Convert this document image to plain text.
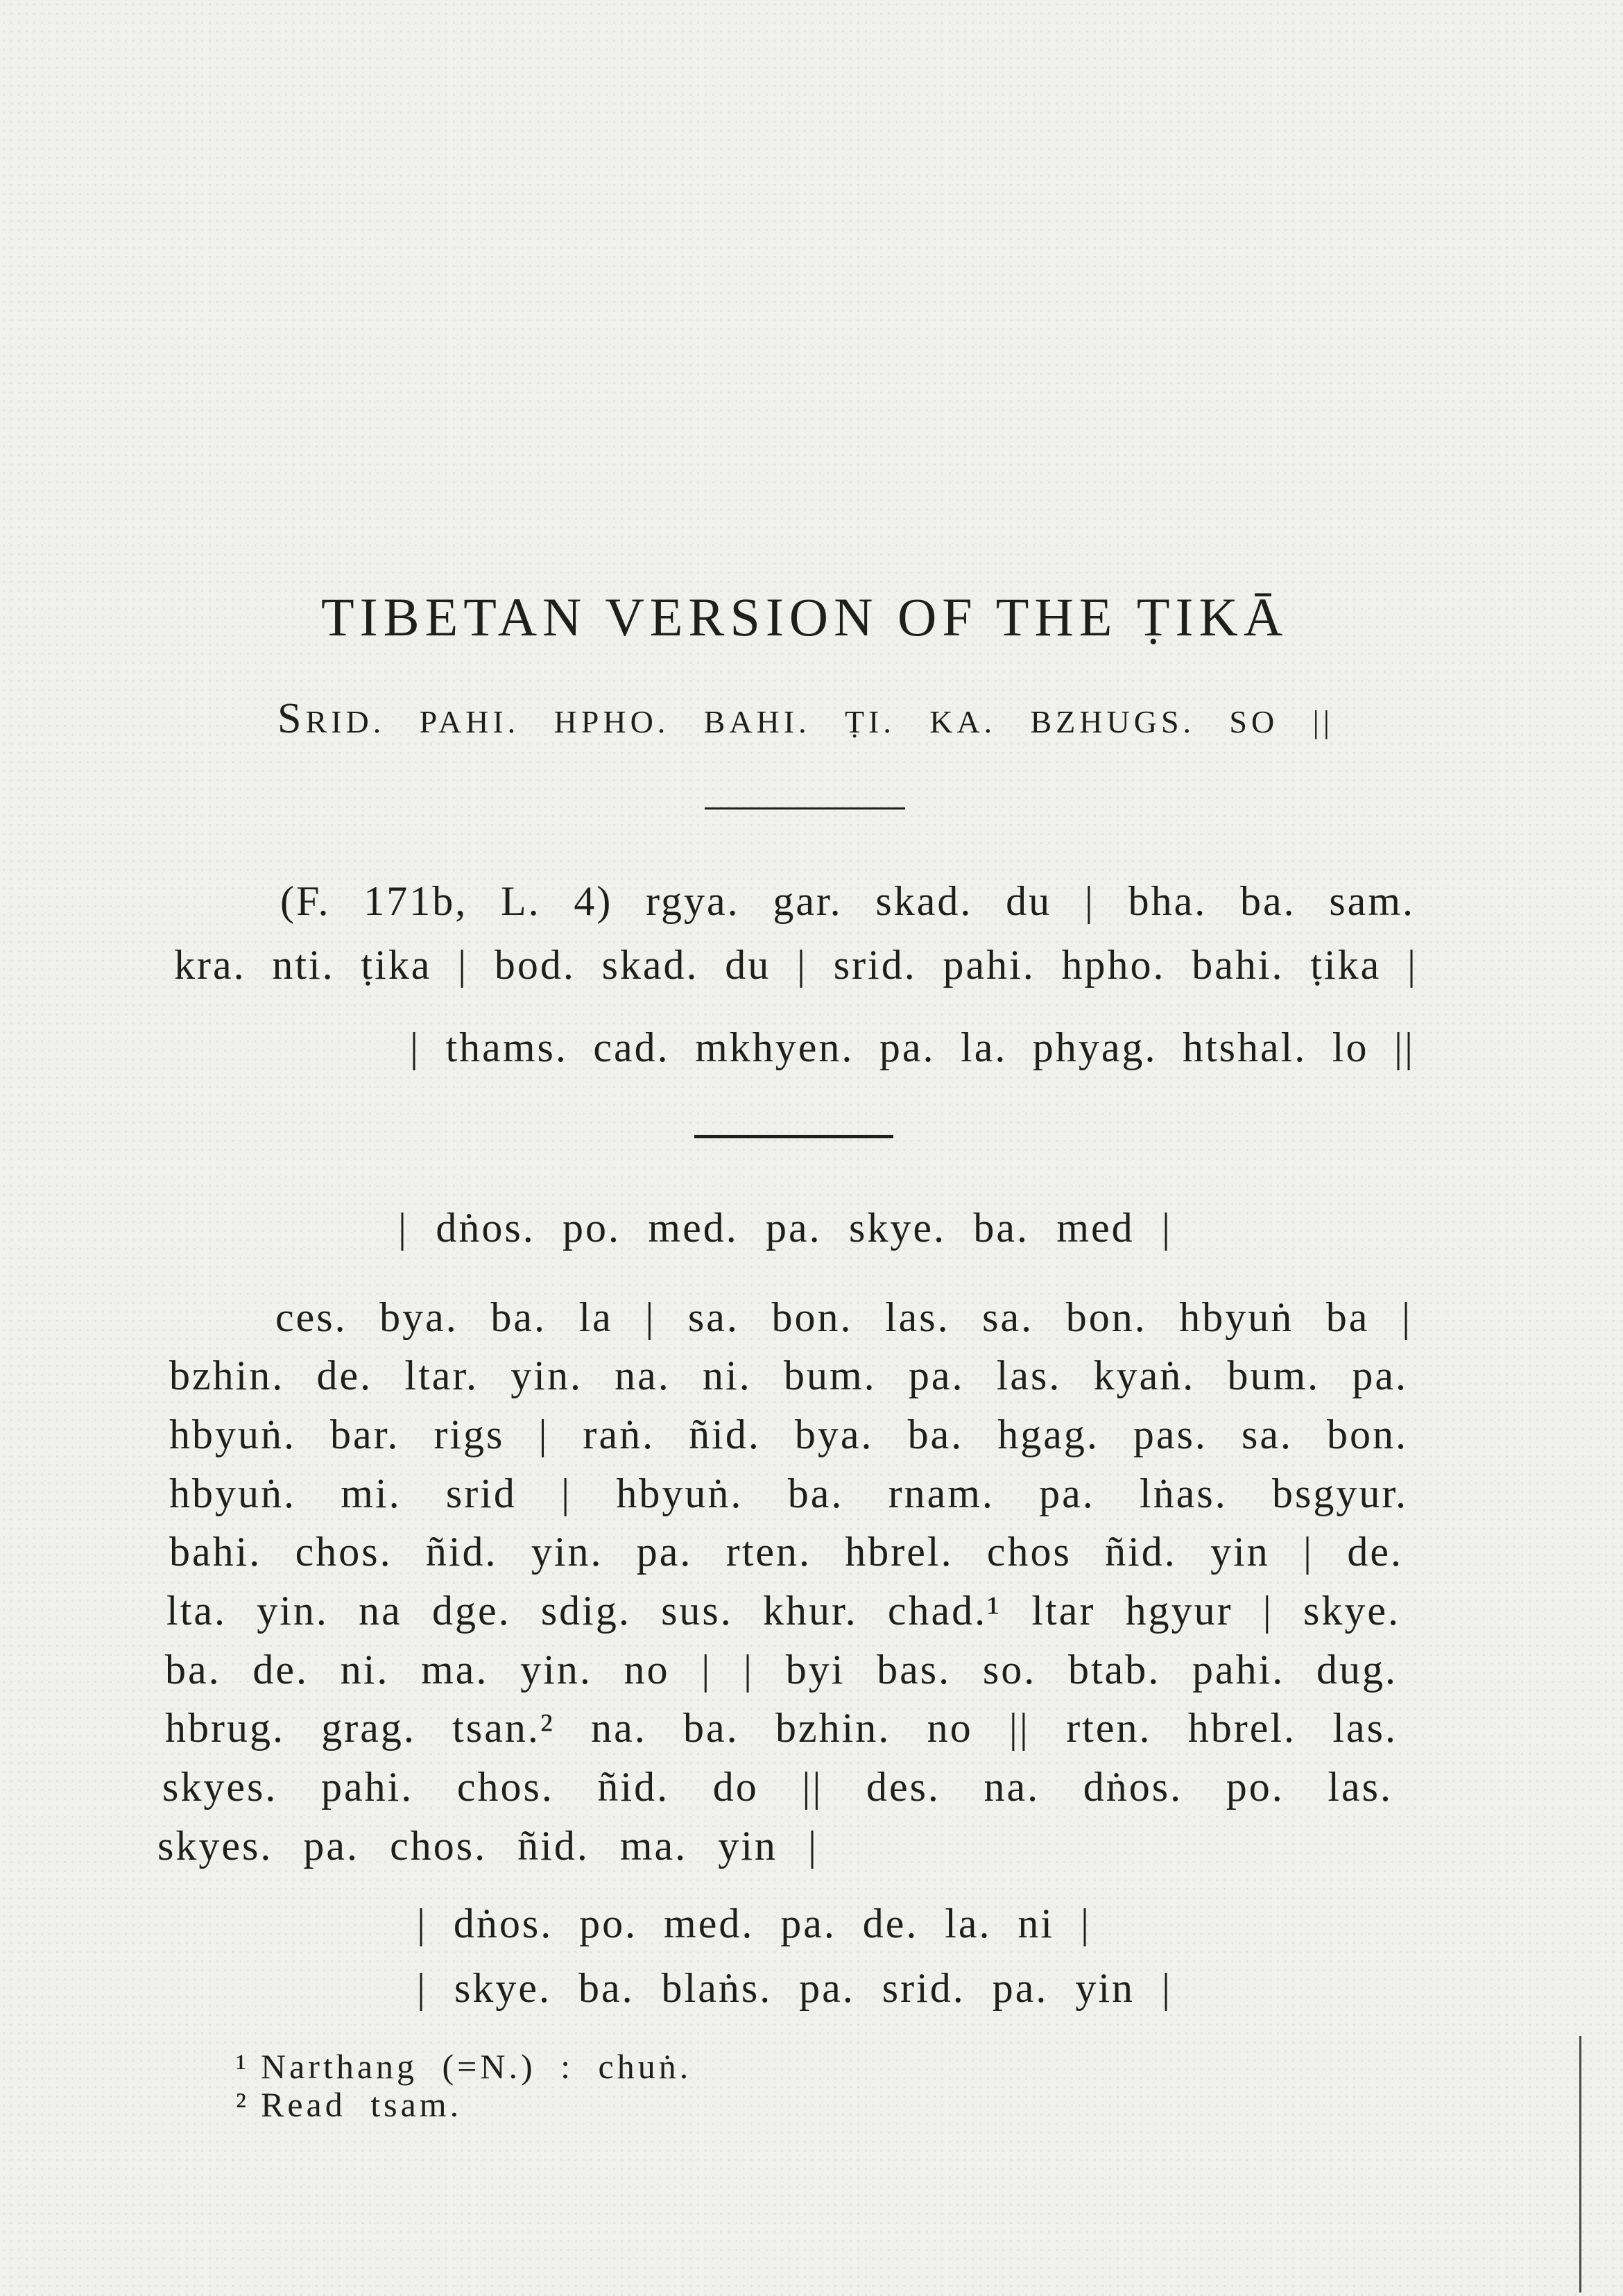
TIBETAN VERSION OF THE ṬIKĀ
SRID. PAHI. HPHO. BAHI. ṬI. KA. BZHUGS. SO ||
(F. 171b, L. 4) rgya. gar. skad. du | bha. ba. sam.
kra. nti. ṭika | bod. skad. du | srid. pahi. hpho. bahi. ṭika |
| thams. cad. mkhyen. pa. la. phyag. htshal. lo ||
| dṅos. po. med. pa. skye. ba. med |
ces. bya. ba. la | sa. bon. las. sa. bon. hbyuṅ ba |
bzhin. de. ltar. yin. na. ni. bum. pa. las. kyaṅ. bum. pa.
hbyuṅ. bar. rigs | raṅ. ñid. bya. ba. hgag. pas. sa. bon.
hbyuṅ. mi. srid | hbyuṅ. ba. rnam. pa. lṅas. bsgyur.
bahi. chos. ñid. yin. pa. rten. hbrel. chos ñid. yin | de.
lta. yin. na dge. sdig. sus. khur. chad.¹ ltar hgyur | skye.
ba. de. ni. ma. yin. no | | byi bas. so. btab. pahi. dug.
hbrug. grag. tsan.² na. ba. bzhin. no || rten. hbrel. las.
skyes. pahi. chos. ñid. do || des. na. dṅos. po. las.
skyes. pa. chos. ñid. ma. yin |
| dṅos. po. med. pa. de. la. ni |
| skye. ba. blaṅs. pa. srid. pa. yin |
¹ Narthang (=N.) : chuṅ.
² Read tsam.
